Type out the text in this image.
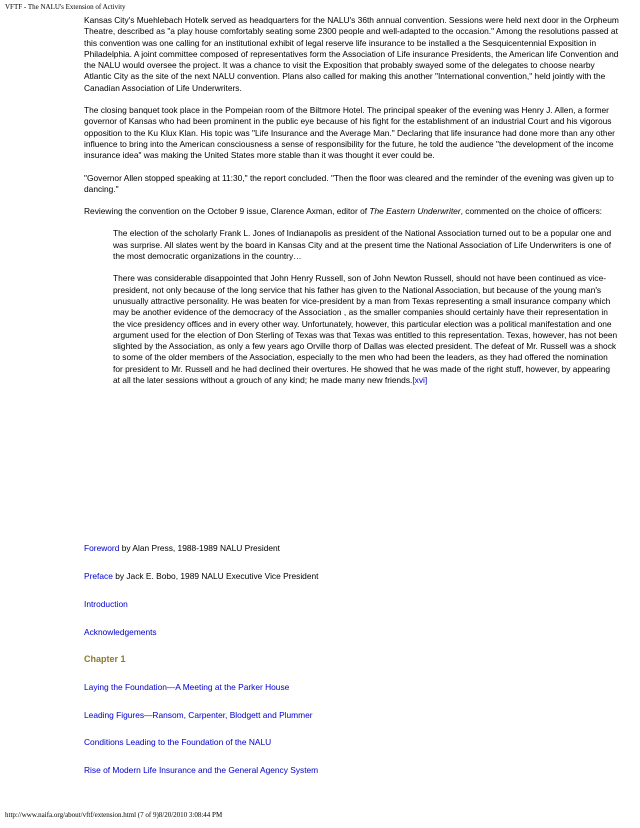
VFTF - The NALU's Extension of Activity

Kansas City's Muehlebach Hotelk served as headquarters for the NALU's 36th annual convention. Sessions were held next door in the Orpheum Theatre, described as "a play house comfortably seating some 2300 people and well-adapted to the occasion." Among the resolutions passed at this convention was one calling for an institutional exhibit of legal reserve life insurance to be installed a the Sesquicentennial Exposition in Philadelphia. A joint committee composed of representatives form the Association of Life insurance Presidents, the American life Convention and the NALU would oversee the project. It was a chance to visit the Exposition that probably swayed some of the delegates to choose nearby Atlantic City as the site of the next NALU convention. Plans also called for making this another "International convention," held jointly with the Canadian Association of Life Underwriters.

The closing banquet took place in the Pompeian room of the Biltmore Hotel. The principal speaker of the evening was Henry J. Allen, a former governor of Kansas who had been prominent in the public eye because of his fight for the establishment of an industrial Court and his vigorous opposition to the Ku Klux Klan. His topic was "Life Insurance and the Average Man." Declaring that life insurance had done more than any other influence to bring into the American consciousness a sense of responsibility for the future, he told the audience "the development of the income insurance idea" was making the United States more stable than it was thought it ever could be.

"Governor Allen stopped speaking at 11:30," the report concluded. "Then the floor was cleared and the reminder of the evening was given up to dancing."

Reviewing the convention on the October 9 issue, Clarence Axman, editor of The Eastern Underwriter, commented on the choice of officers:

The election of the scholarly Frank L. Jones of Indianapolis as president of the National Association turned out to be a popular one and was surprise. All slates went by the board in Kansas City and at the present time the National Association of Life Underwriters is one of the most democratic organizations in the country…

There was considerable disappointed that John Henry Russell, son of John Newton Russell, should not have been continued as vice-president, not only because of the long service that his father has given to the National Association, but because of the young man's unusually attractive personality. He was beaten for vice-president by a man from Texas representing a small insurance company which may be another evidence of the democracy of the Association , as the smaller companies should certainly have their representation in the vice presidency offices and in every other way. Unfortunately, however, this particular election was a political manifestation and one argument used for the election of Don Sterling of Texas was that Texas was entitled to this representation. Texas, however, has not been slighted by the Association, as only a few years ago Orville thorp of Dallas was elected president. The defeat of Mr. Russell was a shock to some of the older members of the Association, especially to the men who had been the leaders, as they had offered the nomination for president to Mr. Russell and he had declined their overtures. He showed that he was made of the right stuff, however, by appearing at all the later sessions without a grouch of any kind; he made many new friends.[xvi]

Foreword by Alan Press, 1988-1989 NALU President
Preface by Jack E. Bobo, 1989 NALU Executive Vice President
Introduction
Acknowledgements
Chapter 1
Laying the Foundation—A Meeting at the Parker House
Leading Figures—Ransom, Carpenter, Blodgett and Plummer
Conditions Leading to the Foundation of the NALU
Rise of Modern Life Insurance and the General Agency System
http://www.naifa.org/about/vftf/extension.html (7 of 9)8/20/2010 3:08:44 PM
